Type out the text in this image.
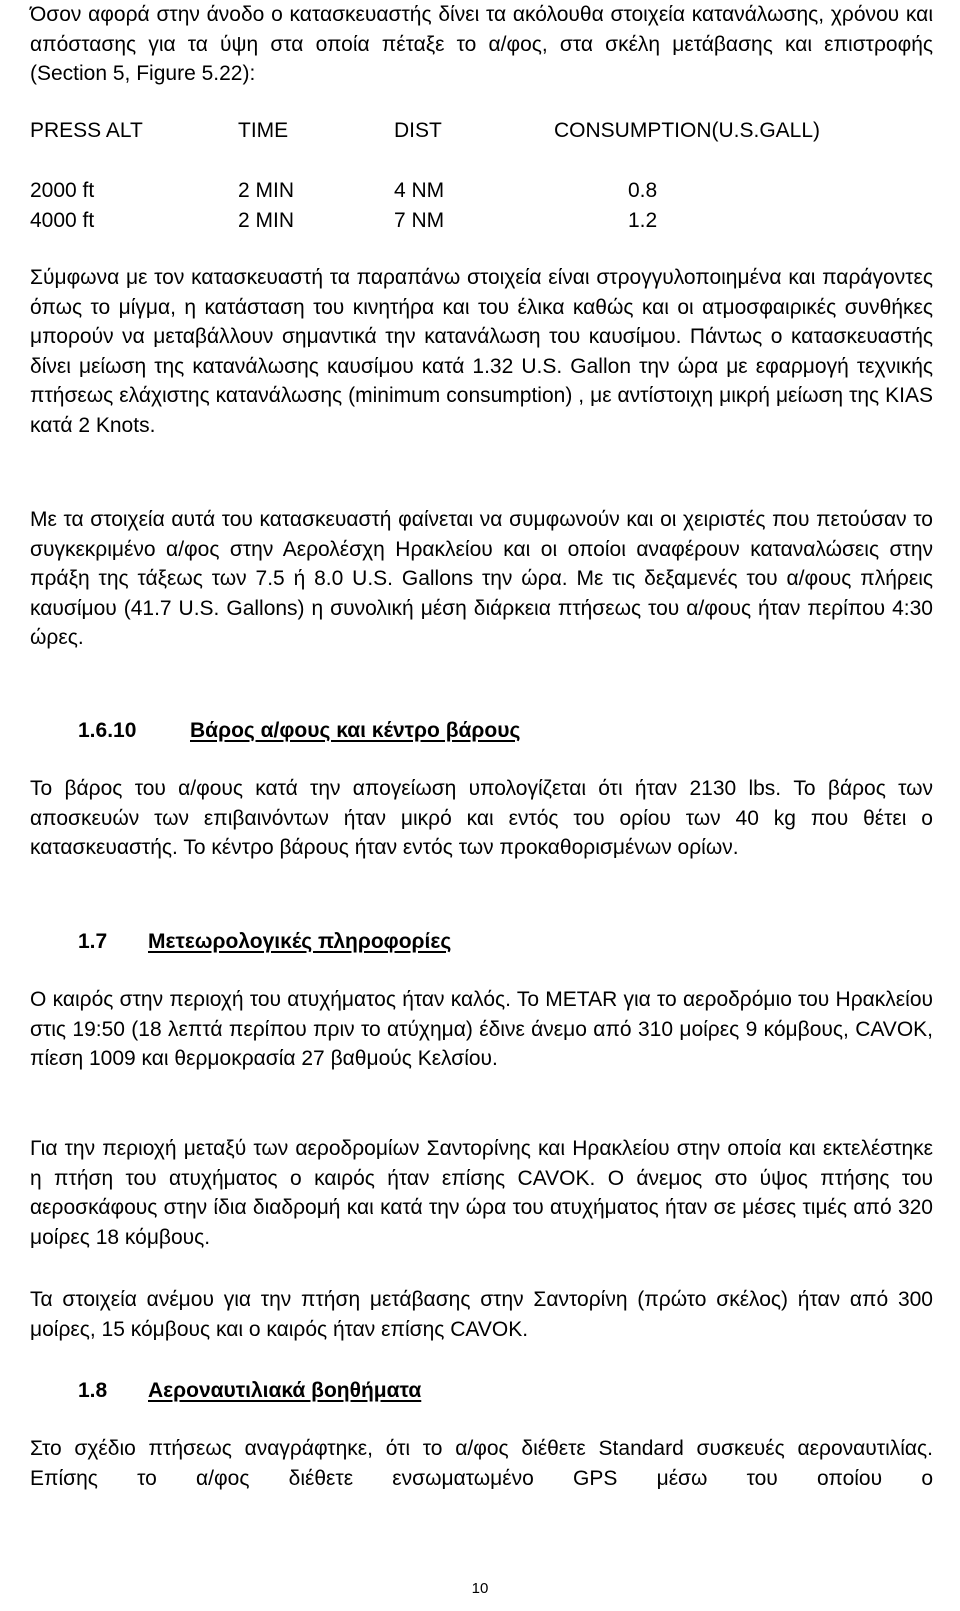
Όσον αφορά στην άνοδο ο κατασκευαστής δίνει τα ακόλουθα στοιχεία κατανάλωσης, χρόνου και απόστασης για τα ύψη στα οποία πέταξε το α/φος, στα σκέλη μετάβασης και επιστροφής (Section 5, Figure 5.22):

PRESS ALT	TIME	DIST	CONSUMPTION(U.S.GALL)
2000 ft	2 MIN	4 NM	0.8
4000 ft	2 MIN	7 NM	1.2

Σύμφωνα με τον κατασκευαστή τα παραπάνω στοιχεία είναι στρογγυλοποιημένα και παράγοντες όπως το μίγμα, η κατάσταση του κινητήρα και του έλικα καθώς και οι ατμοσφαιρικές συνθήκες μπορούν να μεταβάλλουν σημαντικά την κατανάλωση του καυσίμου. Πάντως ο κατασκευαστής δίνει μείωση της κατανάλωσης καυσίμου κατά 1.32 U.S. Gallon την ώρα με εφαρμογή τεχνικής πτήσεως ελάχιστης κατανάλωσης (minimum consumption) , με αντίστοιχη μικρή μείωση της KIAS κατά 2 Knots.

Με τα στοιχεία αυτά του κατασκευαστή φαίνεται να συμφωνούν και οι χειριστές που πετούσαν το συγκεκριμένο α/φος στην Αερολέσχη Ηρακλείου και οι οποίοι αναφέρουν καταναλώσεις στην πράξη της τάξεως των 7.5 ή 8.0 U.S. Gallons την ώρα. Με τις δεξαμενές του α/φους πλήρεις καυσίμου (41.7 U.S. Gallons) η συνολική μέση διάρκεια πτήσεως του α/φους ήταν περίπου 4:30 ώρες.

1.6.10	Βάρος α/φους και κέντρο βάρους

Το βάρος του α/φους κατά την απογείωση υπολογίζεται ότι ήταν 2130 lbs. Το βάρος των αποσκευών των επιβαινόντων ήταν μικρό και εντός του ορίου των 40 kg που θέτει ο κατασκευαστής. Το κέντρο βάρους ήταν εντός των προκαθορισμένων ορίων.

1.7 Μετεωρολογικές πληροφορίες

Ο καιρός στην περιοχή του ατυχήματος ήταν καλός. Το METAR για το αεροδρόμιο του Ηρακλείου στις 19:50 (18 λεπτά περίπου πριν το ατύχημα) έδινε άνεμο από 310 μοίρες 9 κόμβους, CAVOK, πίεση 1009 και θερμοκρασία 27 βαθμούς Κελσίου.

Για την περιοχή μεταξύ των αεροδρομίων Σαντορίνης και Ηρακλείου στην οποία και εκτελέστηκε η πτήση του ατυχήματος ο καιρός ήταν επίσης CAVOK. Ο άνεμος στο ύψος πτήσης του αεροσκάφους στην ίδια διαδρομή και κατά την ώρα του ατυχήματος ήταν σε μέσες τιμές από 320 μοίρες 18 κόμβους.

Τα στοιχεία ανέμου για την πτήση μετάβασης στην Σαντορίνη (πρώτο σκέλος) ήταν από 300 μοίρες, 15 κόμβους και ο καιρός ήταν επίσης CAVOK.

1.8 Αεροναυτιλιακά βοηθήματα

Στο σχέδιο πτήσεως αναγράφτηκε, ότι το α/φος διέθετε Standard συσκευές αεροναυτιλίας. Επίσης το α/φος διέθετε ενσωματωμένο GPS μέσω του οποίου ο

10
